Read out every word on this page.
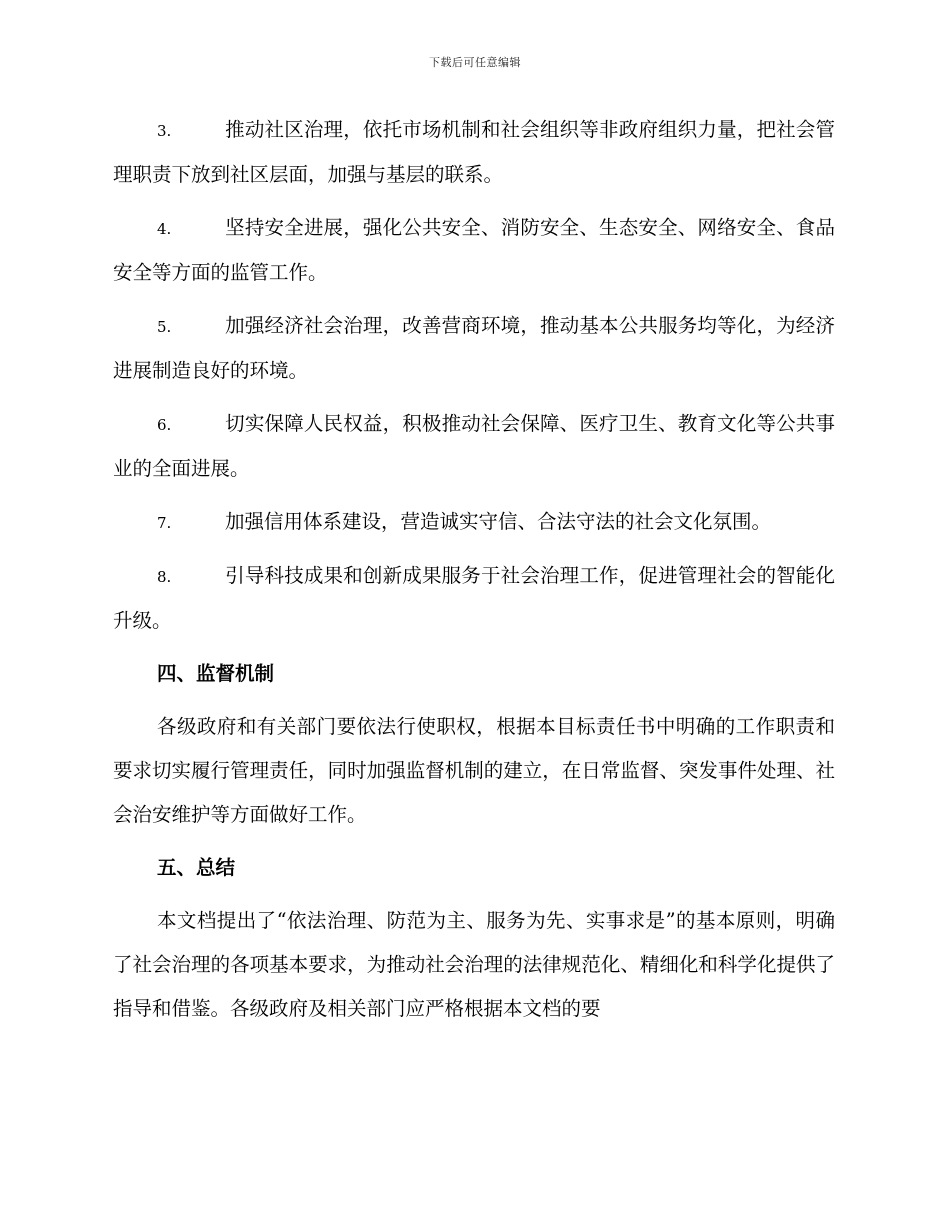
下载后可任意编辑

3.	推动社区治理，依托市场机制和社会组织等非政府组织力量，把社会管理职责下放到社区层面，加强与基层的联系。

4.	坚持安全进展，强化公共安全、消防安全、生态安全、网络安全、食品安全等方面的监管工作。

5.	加强经济社会治理，改善营商环境，推动基本公共服务均等化，为经济进展制造良好的环境。

6.	切实保障人民权益，积极推动社会保障、医疗卫生、教育文化等公共事业的全面进展。

7.	加强信用体系建设，营造诚实守信、合法守法的社会文化氛围。

8.	引导科技成果和创新成果服务于社会治理工作，促进管理社会的智能化升级。

四、监督机制

各级政府和有关部门要依法行使职权，根据本目标责任书中明确的工作职责和要求切实履行管理责任，同时加强监督机制的建立，在日常监督、突发事件处理、社会治安维护等方面做好工作。

五、总结

本文档提出了“依法治理、防范为主、服务为先、实事求是”的基本原则，明确了社会治理的各项基本要求，为推动社会治理的法律规范化、精细化和科学化提供了指导和借鉴。各级政府及相关部门应严格根据本文档的要
